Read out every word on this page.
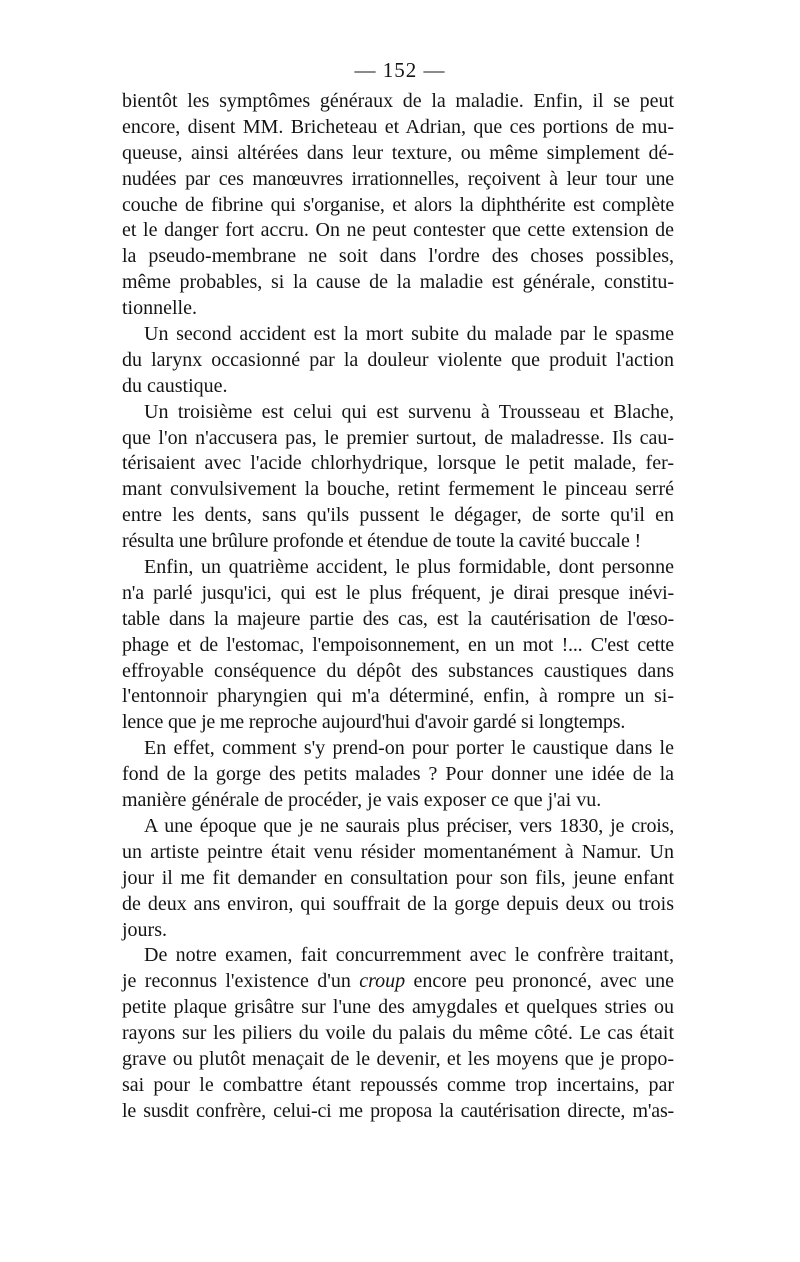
— 152 —
bientôt les symptômes généraux de la maladie. Enfin, il se peut
encore, disent MM. Bricheteau et Adrian, que ces portions de mu-
queuse, ainsi altérées dans leur texture, ou même simplement dé-
nudées par ces manœuvres irrationnelles, reçoivent à leur tour une
couche de fibrine qui s'organise, et alors la diphthérite est complète
et le danger fort accru. On ne peut contester que cette extension de
la pseudo-membrane ne soit dans l'ordre des choses possibles,
même probables, si la cause de la maladie est générale, constitu-
tionnelle.
Un second accident est la mort subite du malade par le spasme
du larynx occasionné par la douleur violente que produit l'action
du caustique.
Un troisième est celui qui est survenu à Trousseau et Blache,
que l'on n'accusera pas, le premier surtout, de maladresse. Ils cau-
térisaient avec l'acide chlorhydrique, lorsque le petit malade, fer-
mant convulsivement la bouche, retint fermement le pinceau serré
entre les dents, sans qu'ils pussent le dégager, de sorte qu'il en
résulta une brûlure profonde et étendue de toute la cavité buccale !
Enfin, un quatrième accident, le plus formidable, dont personne
n'a parlé jusqu'ici, qui est le plus fréquent, je dirai presque inévi-
table dans la majeure partie des cas, est la cautérisation de l'œso-
phage et de l'estomac, l'empoisonnement, en un mot !... C'est cette
effroyable conséquence du dépôt des substances caustiques dans
l'entonnoir pharyngien qui m'a déterminé, enfin, à rompre un si-
lence que je me reproche aujourd'hui d'avoir gardé si longtemps.
En effet, comment s'y prend-on pour porter le caustique dans le
fond de la gorge des petits malades ? Pour donner une idée de la
manière générale de procéder, je vais exposer ce que j'ai vu.
A une époque que je ne saurais plus préciser, vers 1830, je crois,
un artiste peintre était venu résider momentanément à Namur. Un
jour il me fit demander en consultation pour son fils, jeune enfant
de deux ans environ, qui souffrait de la gorge depuis deux ou trois
jours.
De notre examen, fait concurremment avec le confrère traitant,
je reconnus l'existence d'un croup encore peu prononcé, avec une
petite plaque grisâtre sur l'une des amygdales et quelques stries ou
rayons sur les piliers du voile du palais du même côté. Le cas était
grave ou plutôt menaçait de le devenir, et les moyens que je propo-
sai pour le combattre étant repoussés comme trop incertains, par
le susdit confrère, celui-ci me proposa la cautérisation directe, m'as-
